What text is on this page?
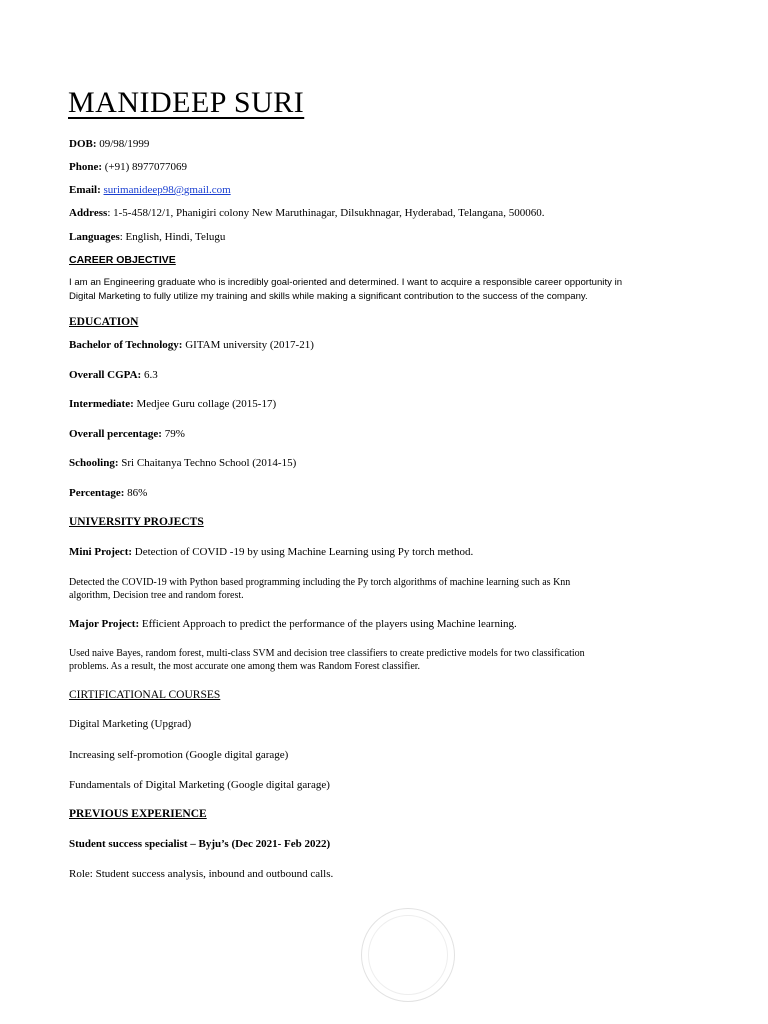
MANIDEEP SURI
DOB: 09/98/1999
Phone: (+91) 8977077069
Email: surimanideep98@gmail.com
Address: 1-5-458/12/1, Phanigiri colony New Maruthinagar, Dilsukhnagar, Hyderabad, Telangana, 500060.
Languages: English, Hindi, Telugu
CAREER OBJECTIVE
I am an Engineering graduate who is incredibly goal-oriented and determined. I want to acquire a responsible career opportunity in
Digital Marketing to fully utilize my training and skills while making a significant contribution to the success of the company.
EDUCATION
Bachelor of Technology: GITAM university (2017-21)
Overall CGPA: 6.3
Intermediate: Medjee Guru collage (2015-17)
Overall percentage: 79%
Schooling: Sri Chaitanya Techno School (2014-15)
Percentage: 86%
UNIVERSITY PROJECTS
Mini Project: Detection of COVID -19 by using Machine Learning using Py torch method.
Detected the COVID-19 with Python based programming including the Py torch algorithms of machine learning such as Knn
algorithm, Decision tree and random forest.
Major Project: Efficient Approach to predict the performance of the players using Machine learning.
Used naive Bayes, random forest, multi-class SVM and decision tree classifiers to create predictive models for two classification
problems. As a result, the most accurate one among them was Random Forest classifier.
CIRTIFICATIONAL COURSES
Digital Marketing (Upgrad)
Increasing self-promotion (Google digital garage)
Fundamentals of Digital Marketing (Google digital garage)
PREVIOUS EXPERIENCE
Student success specialist – Byju’s (Dec 2021- Feb 2022)
Role: Student success analysis, inbound and outbound calls.
